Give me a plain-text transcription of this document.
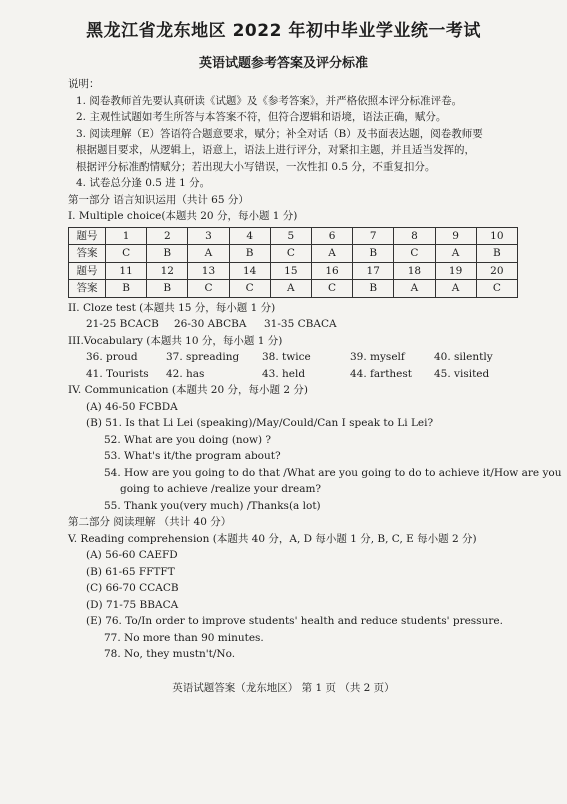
黑龙江省龙东地区 2022 年初中毕业学业统一考试
英语试题参考答案及评分标准
说明：
1. 阅卷教师首先要认真研读《试题》及《参考答案》，并严格依照本评分标准评卷。
2. 主观性试题如考生所答与本答案不符，但符合逻辑和语境，语法正确，赋分。
3. 阅读理解（E）答语符合题意要求，赋分；补全对话（B）及书面表达题，阅卷教师要
根据题目要求，从逻辑上，语意上，语法上进行评分，对紧扣主题，并且适当发挥的，
根据评分标准酌情赋分；若出现大小写错误，一次性扣 0.5 分，不重复扣分。
4. 试卷总分逢 0.5 进 1 分。
第一部分 语言知识运用（共计 65 分）
I. Multiple choice(本题共 20 分，每小题 1 分)
题号	1	2	3	4	5	6	7	8	9	10
答案	C	B	A	B	C	A	B	C	A	B
题号	11	12	13	14	15	16	17	18	19	20
答案	B	B	C	C	A	C	B	A	A	C
II. Cloze test (本题共 15 分，每小题 1 分)
21-25 BCACB	26-30 ABCBA	31-35 CBACA
III.Vocabulary (本题共 10 分，每小题 1 分)
36. proud	37. spreading	38. twice	39. myself	40. silently
41. Tourists	42. has	43. held	44. farthest	45. visited
IV. Communication (本题共 20 分，每小题 2 分)
(A) 46-50 FCBDA
(B) 51. Is that Li Lei (speaking)/May/Could/Can I speak to Li Lei?
52. What are you doing (now) ?
53. What's it/the program about?
54. How are you going to do that /What are you going to do to achieve it/How are you
going to achieve /realize your dream?
55. Thank you(very much) /Thanks(a lot)
第二部分 阅读理解 （共计 40 分）
V. Reading comprehension (本题共 40 分，A, D 每小题 1 分, B, C, E 每小题 2 分)
(A) 56-60 CAEFD
(B) 61-65 FFTFT
(C) 66-70 CCACB
(D) 71-75 BBACA
(E) 76. To/In order to improve students' health and reduce students' pressure.
77. No more than 90 minutes.
78. No, they mustn't/No.
英语试题答案（龙东地区） 第 1 页 （共 2 页）
